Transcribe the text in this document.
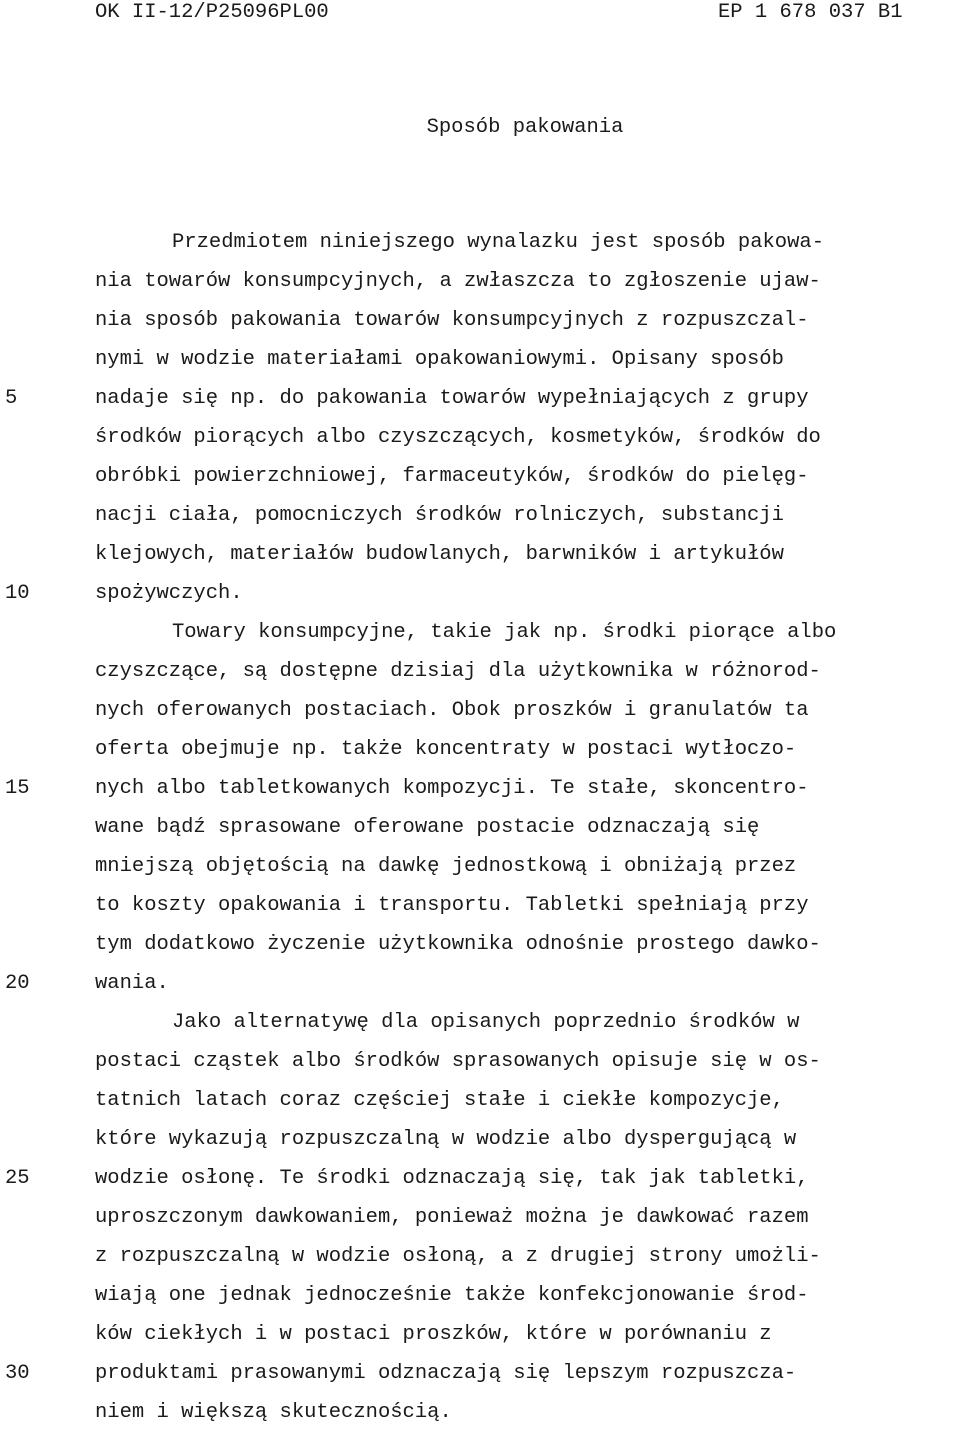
OK II-12/P25096PL00	EP 1 678 037 B1
Sposób pakowania
Przedmiotem niniejszego wynalazku jest sposób pakowa-
nia towarów konsumpcyjnych, a zwłaszcza to zgłoszenie ujaw-
nia sposób pakowania towarów konsumpcyjnych z rozpuszczal-
nymi w wodzie materiałami opakowaniowymi. Opisany sposób
nadaje się np. do pakowania towarów wypełniających z grupy
środków piorących albo czyszczących, kosmetyków, środków do
obróbki powierzchniowej, farmaceutyków, środków do pielęg-
nacji ciała, pomocniczych środków rolniczych, substancji
klejowych, materiałów budowlanych, barwników i artykułów
spożywczych.
Towary konsumpcyjne, takie jak np. środki piorące albo
czyszczące, są dostępne dzisiaj dla użytkownika w różnorod-
nych oferowanych postaciach. Obok proszków i granulatów ta
oferta obejmuje np. także koncentraty w postaci wytłoczo-
nych albo tabletkowanych kompozycji. Te stałe, skoncentro-
wane bądź sprasowane oferowane postacie odznaczają się
mniejszą objętością na dawkę jednostkową i obniżają przez
to koszty opakowania i transportu. Tabletki spełniają przy
tym dodatkowo życzenie użytkownika odnośnie prostego dawko-
wania.
Jako alternatywę dla opisanych poprzednio środków w
postaci cząstek albo środków sprasowanych opisuje się w os-
tatnich latach coraz częściej stałe i ciekłe kompozycje,
które wykazują rozpuszczalną w wodzie albo dyspergującą w
wodzie osłonę. Te środki odznaczają się, tak jak tabletki,
uproszczonym dawkowaniem, ponieważ można je dawkować razem
z rozpuszczalną w wodzie osłoną, a z drugiej strony umożli-
wiają one jednak jednocześnie także konfekcjonowanie środ-
ków ciekłych i w postaci proszków, które w porównaniu z
produktami prasowanymi odznaczają się lepszym rozpuszcza-
niem i większą skutecznością.
5
10
15
20
25
30
